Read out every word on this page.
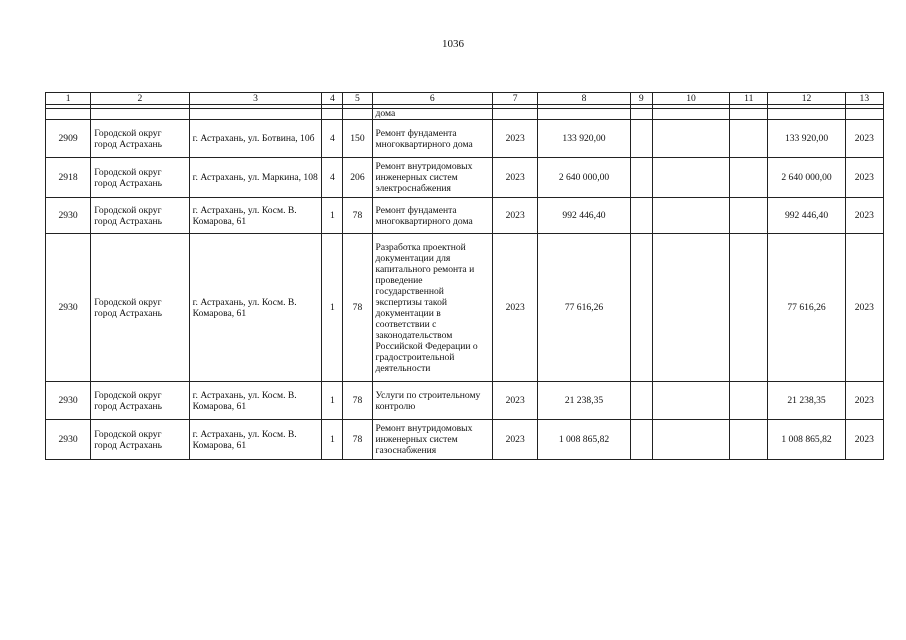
1036
1	2	3	4	5	6	7	8	9	10	11	12	13

					дома							
2909	Городской округ город Астрахань	г. Астрахань, ул. Ботвина, 10б	4	150	Ремонт фундамента многоквартирного дома	2023	133 920,00				133 920,00	2023
2918	Городской округ город Астрахань	г. Астрахань, ул. Маркина, 108	4	206	Ремонт внутридомовых инженерных систем электроснабжения	2023	2 640 000,00				2 640 000,00	2023
2930	Городской округ город Астрахань	г. Астрахань, ул. Косм. В. Комарова, 61	1	78	Ремонт фундамента многоквартирного дома	2023	992 446,40				992 446,40	2023
2930	Городской округ город Астрахань	г. Астрахань, ул. Косм. В. Комарова, 61	1	78	Разработка проектной документации для капитального ремонта и проведение государственной экспертизы такой документации в соответствии с законодательством Российской Федерации о градостроительной деятельности	2023	77 616,26				77 616,26	2023
2930	Городской округ город Астрахань	г. Астрахань, ул. Косм. В. Комарова, 61	1	78	Услуги по строительному контролю	2023	21 238,35				21 238,35	2023
2930	Городской округ город Астрахань	г. Астрахань, ул. Косм. В. Комарова, 61	1	78	Ремонт внутридомовых инженерных систем газоснабжения	2023	1 008 865,82				1 008 865,82	2023
